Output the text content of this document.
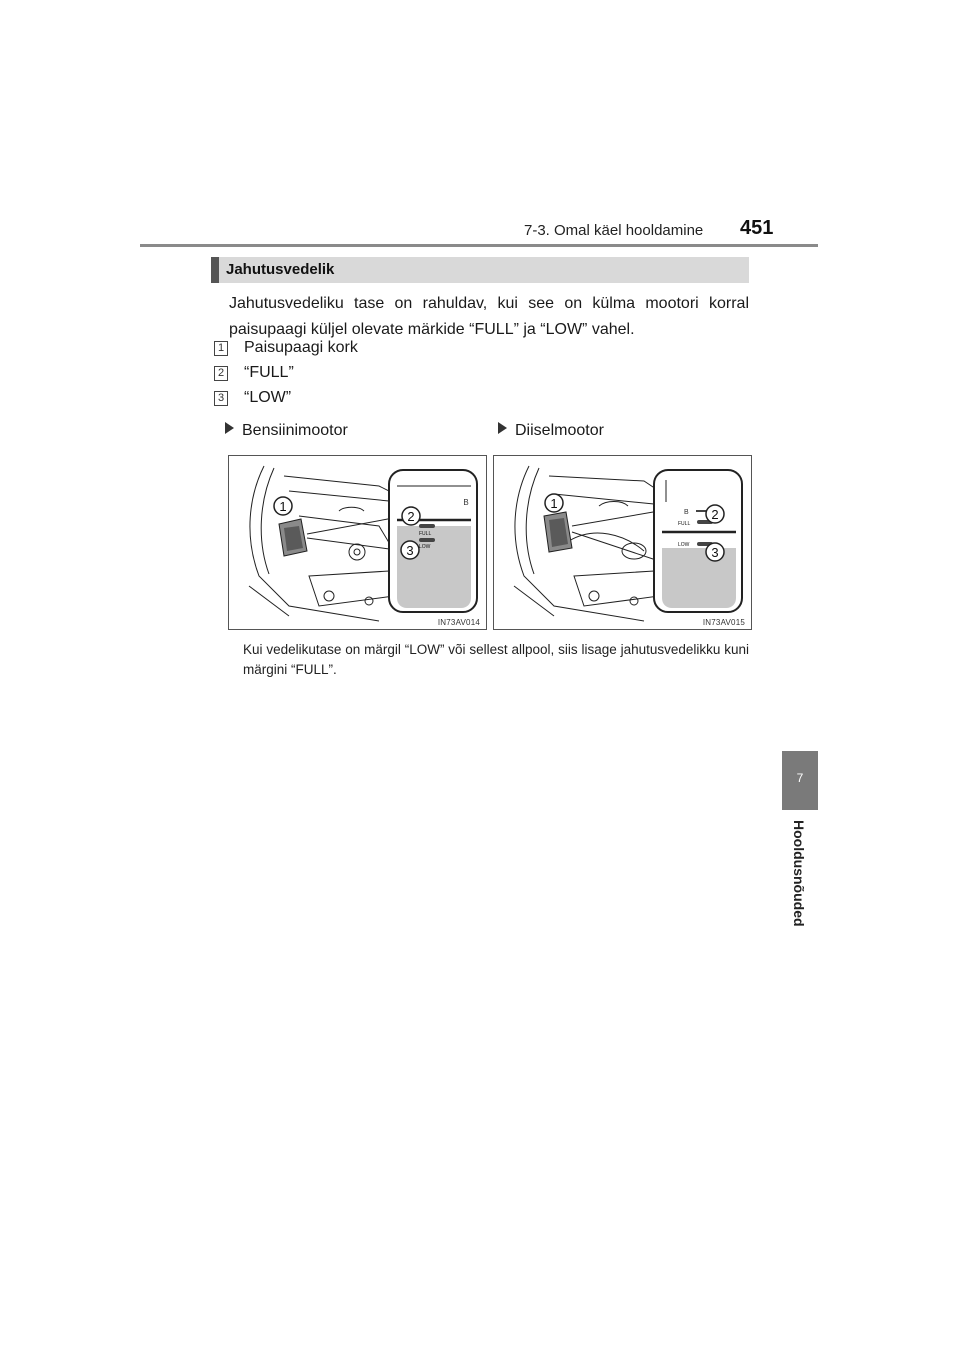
7-3. Omal käel hooldamine 451
Jahutusvedelik
Jahutusvedeliku tase on rahuldav, kui see on külma mootori korral paisupaagi küljel olevate märkide “FULL” ja “LOW” vahel.
1 Paisupaagi kork
2 “FULL”
3 “LOW”
Bensiinimootor	Diiselmootor
1
2
3
B
FULL
LOW
IN73AV014
1
2
3
B
FULL
LOW
IN73AV015
Kui vedelikutase on märgil “LOW” või sellest allpool, siis lisage jahutusvedelikku kuni märgini “FULL”.
7
Hooldusnõuded
